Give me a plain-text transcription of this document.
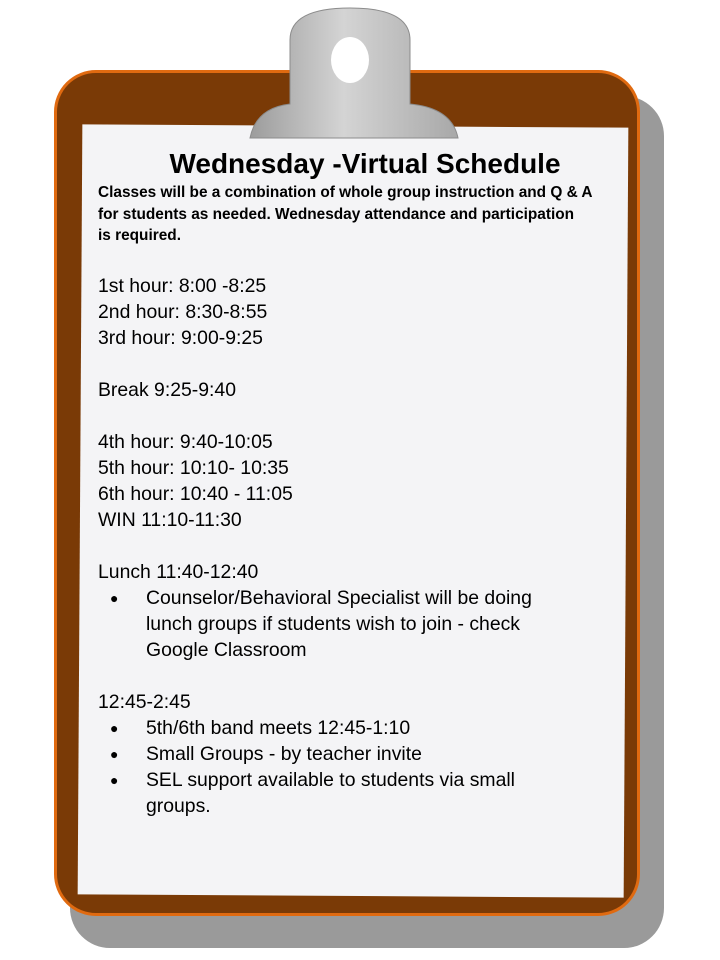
Wednesday -Virtual Schedule

Classes will be a combination of whole group instruction and Q & A
for students as needed. Wednesday attendance and participation
is required.

1st hour: 8:00 -8:25
2nd hour: 8:30-8:55
3rd hour: 9:00-9:25
Break 9:25-9:40
4th hour: 9:40-10:05
5th hour: 10:10- 10:35
6th hour: 10:40 - 11:05
WIN 11:10-11:30
Lunch 11:40-12:40
● Counselor/Behavioral Specialist will be doing lunch groups if students wish to join - check Google Classroom
12:45-2:45
● 5th/6th band meets 12:45-1:10
● Small Groups - by teacher invite
● SEL support available to students via small groups.
